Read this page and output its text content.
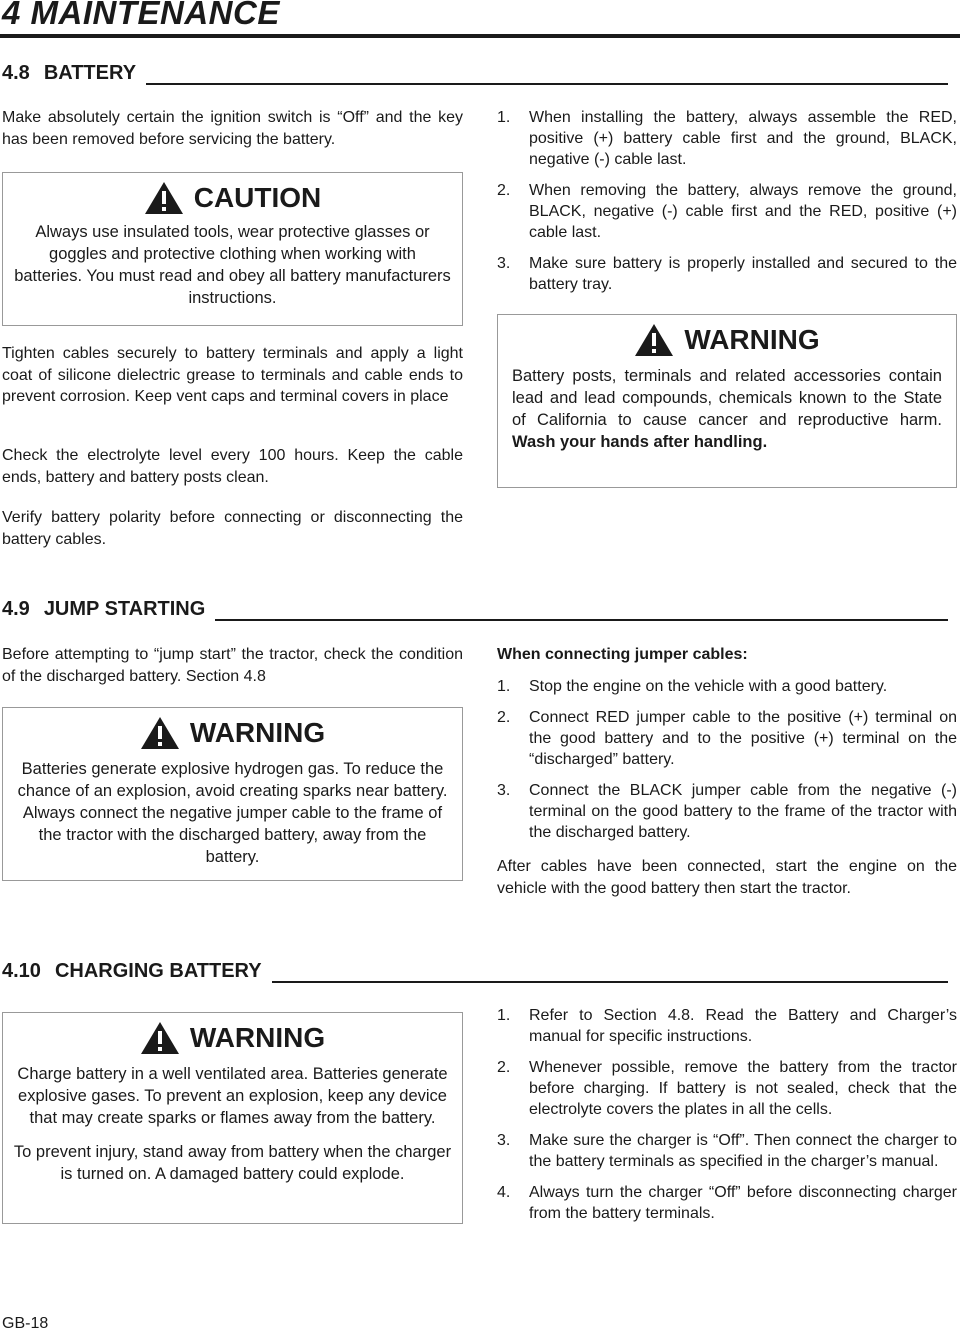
4 MAINTENANCE
4.8 BATTERY
Make absolutely certain the ignition switch is “Off” and the key has been removed before servicing the battery.
CAUTION
Always use insulated tools, wear protective glasses or goggles and protective clothing when working with batteries. You must read and obey all battery manufacturers instructions.
Tighten cables securely to battery terminals and apply a light coat of silicone dielectric grease to terminals and cable ends to prevent corrosion. Keep vent caps and terminal covers in place
Check the electrolyte level every 100 hours. Keep the cable ends, battery and battery posts clean.
Verify battery polarity before connecting or disconnecting the battery cables.
1.	When installing the battery, always assemble the RED, positive (+) battery cable first and the ground, BLACK, negative (-) cable last.
2.	When removing the battery, always remove the ground, BLACK, negative (-) cable first and the RED, positive (+) cable last.
3.	Make sure battery is properly installed and secured to the battery tray.
WARNING
Battery posts, terminals and related accessories contain lead and lead compounds, chemicals known to the State of California to cause cancer and reproductive harm. Wash your hands after handling.
4.9 JUMP STARTING
Before attempting to “jump start” the tractor, check the condition of the discharged battery. Section 4.8
WARNING
Batteries generate explosive hydrogen gas. To reduce the chance of an explosion, avoid creating sparks near battery. Always connect the negative jumper cable to the frame of the tractor with the discharged battery, away from the battery.
When connecting jumper cables:
1.	Stop the engine on the vehicle with a good battery.
2.	Connect RED jumper cable to the positive (+) terminal on the good battery and to the positive (+) terminal on the “discharged” battery.
3.	Connect the BLACK jumper cable from the negative (-) terminal on the good battery to the frame of the tractor with the discharged battery.
After cables have been connected, start the engine on the vehicle with the good battery then start the tractor.
4.10 CHARGING BATTERY
WARNING
Charge battery in a well ventilated area. Batteries generate explosive gases. To prevent an explosion, keep any device that may create sparks or flames away from the battery.
To prevent injury, stand away from battery when the charger is turned on. A damaged battery could explode.
1.	Refer to Section 4.8. Read the Battery and Charger’s manual for specific instructions.
2.	Whenever possible, remove the battery from the tractor before charging. If battery is not sealed, check that the electrolyte covers the plates in all the cells.
3.	Make sure the charger is “Off”. Then connect the charger to the battery terminals as specified in the charger’s manual.
4.	Always turn the charger “Off” before disconnecting charger from the battery terminals.
GB-18
